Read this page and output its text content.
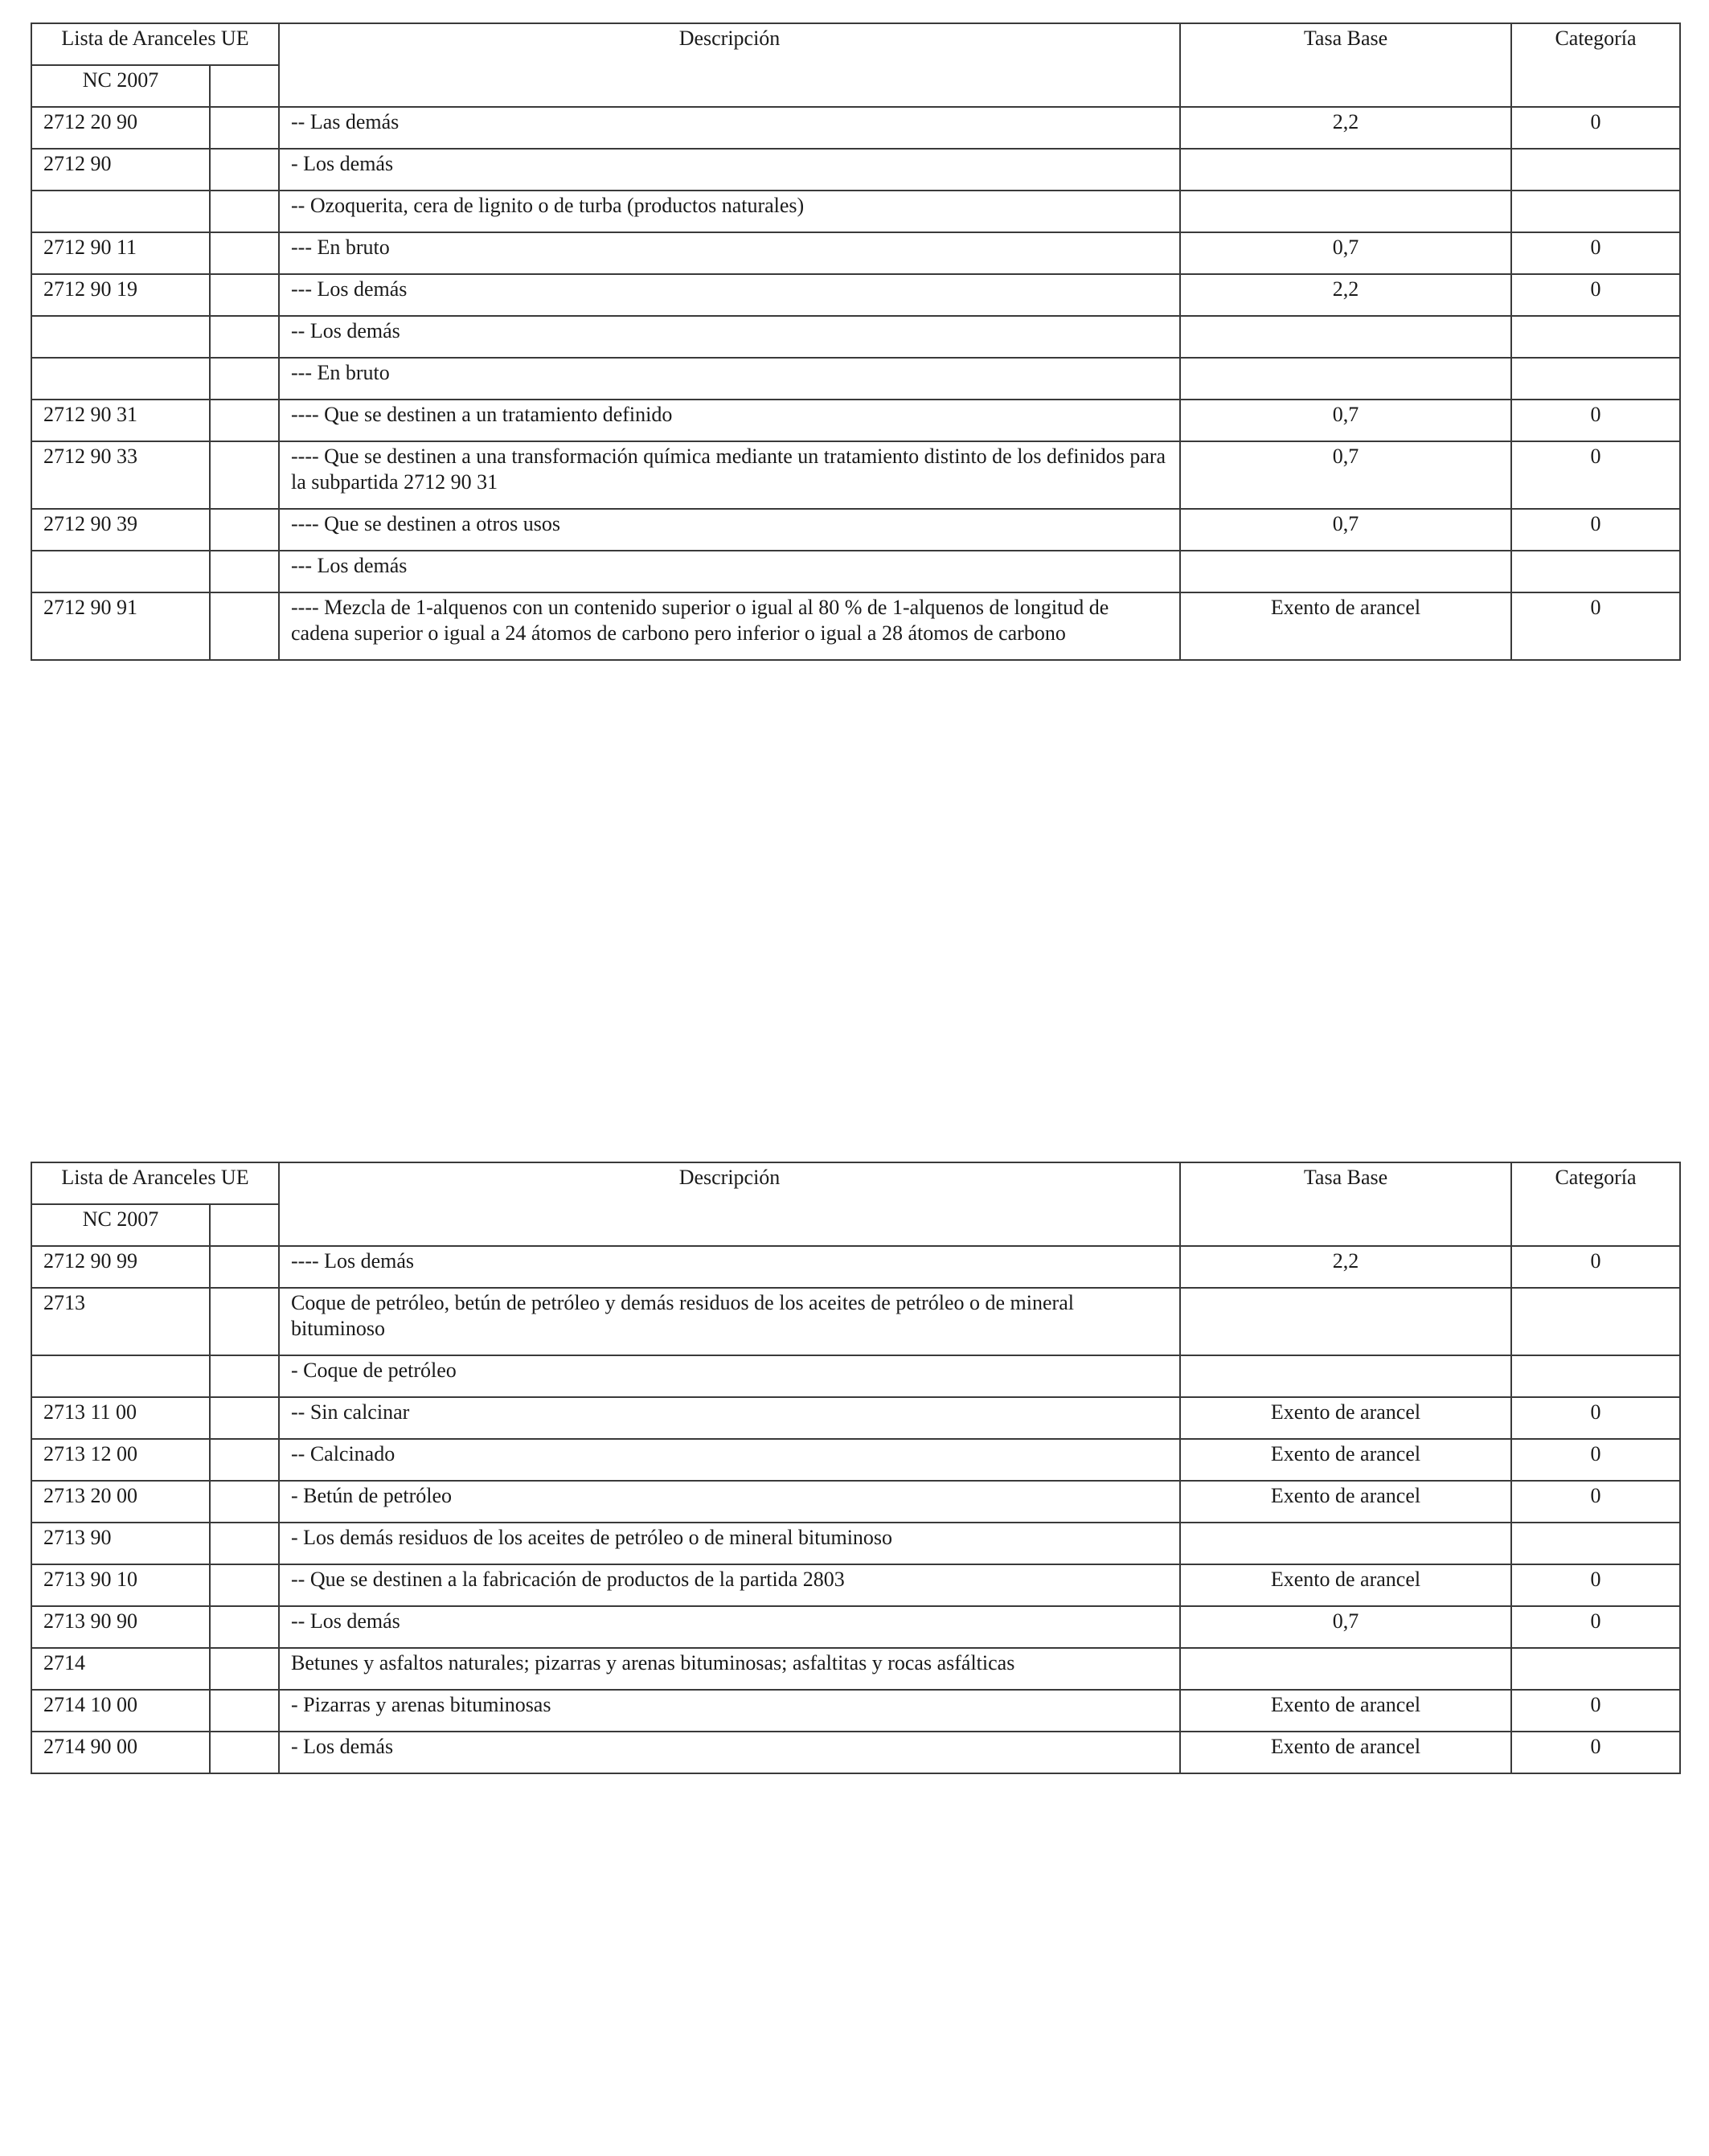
Lista de Aranceles UE		Descripción	Tasa Base	Categoría
NC 2007				
2712 20 90		-- Las demás	2,2	0
2712 90		- Los demás		
		-- Ozoquerita, cera de lignito o de turba (productos naturales)		
2712 90 11		--- En bruto	0,7	0
2712 90 19		--- Los demás	2,2	0
		-- Los demás		
		--- En bruto		
2712 90 31		---- Que se destinen a un tratamiento definido	0,7	0
2712 90 33		---- Que se destinen a una transformación química mediante un tratamiento distinto de los definidos para la subpartida 2712 90 31	0,7	0
2712 90 39		---- Que se destinen a otros usos	0,7	0
		--- Los demás		
2712 90 91		---- Mezcla de 1-alquenos con un contenido superior o igual al 80 % de 1-alquenos de longitud de cadena superior o igual a 24 átomos de carbono pero inferior o igual a 28 átomos de carbono	Exento de arancel	0
Lista de Aranceles UE		Descripción	Tasa Base	Categoría
NC 2007				
2712 90 99		---- Los demás	2,2	0
2713		Coque de petróleo, betún de petróleo y demás residuos de los aceites de petróleo o de mineral bituminoso		
		- Coque de petróleo		
2713 11 00		-- Sin calcinar	Exento de arancel	0
2713 12 00		-- Calcinado	Exento de arancel	0
2713 20 00		- Betún de petróleo	Exento de arancel	0
2713 90		- Los demás residuos de los aceites de petróleo o de mineral bituminoso		
2713 90 10		-- Que se destinen a la fabricación de productos de la partida 2803	Exento de arancel	0
2713 90 90		-- Los demás	0,7	0
2714		Betunes y asfaltos naturales; pizarras y arenas bituminosas; asfaltitas y rocas asfálticas		
2714 10 00		- Pizarras y arenas bituminosas	Exento de arancel	0
2714 90 00		- Los demás	Exento de arancel	0
